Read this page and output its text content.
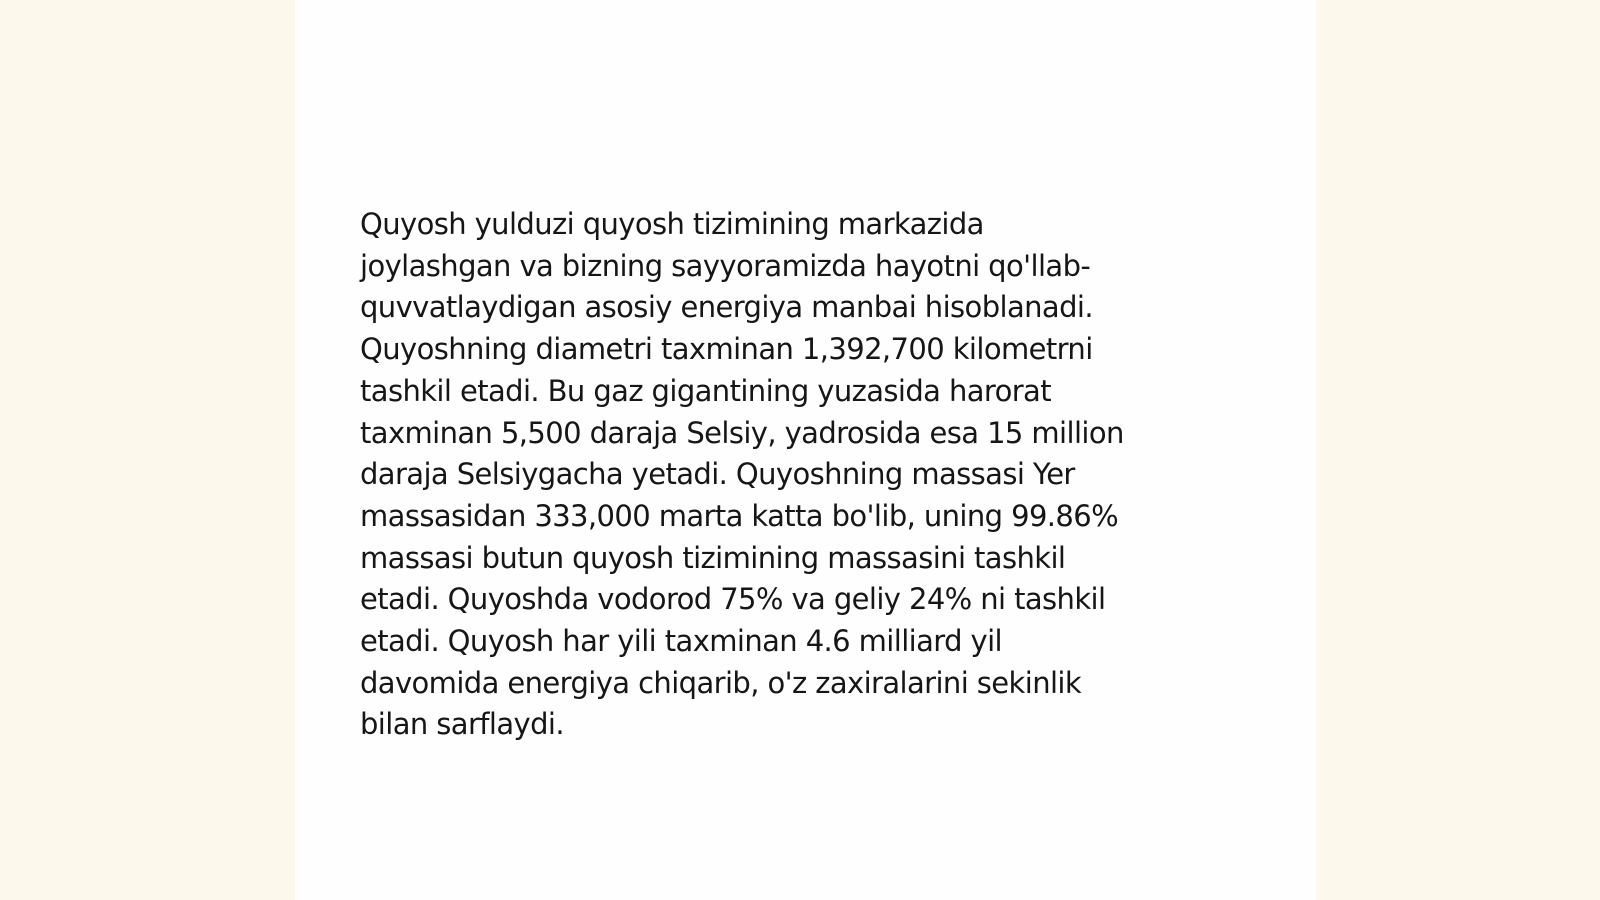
Quyosh yulduzi quyosh tizimining markazida
joylashgan va bizning sayyoramizda hayotni qo'llab-
quvvatlaydigan asosiy energiya manbai hisoblanadi.
Quyoshning diametri taxminan 1,392,700 kilometrni
tashkil etadi. Bu gaz gigantining yuzasida harorat
taxminan 5,500 daraja Selsiy, yadrosida esa 15 million
daraja Selsiygacha yetadi. Quyoshning massasi Yer
massasidan 333,000 marta katta bo'lib, uning 99.86%
massasi butun quyosh tizimining massasini tashkil
etadi. Quyoshda vodorod 75% va geliy 24% ni tashkil
etadi. Quyosh har yili taxminan 4.6 milliard yil
davomida energiya chiqarib, o'z zaxiralarini sekinlik
bilan sarflaydi.
